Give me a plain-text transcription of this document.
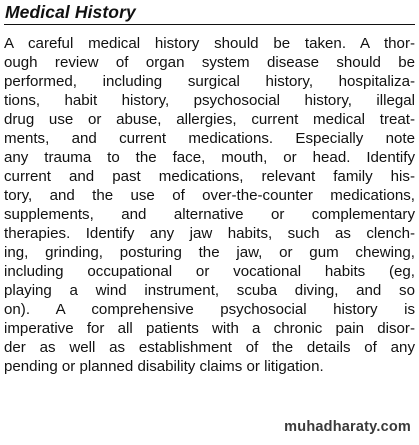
Medical History

A careful medical history should be taken. A thor-
ough review of organ system disease should be
performed, including surgical history, hospitaliza-
tions, habit history, psychosocial history, illegal
drug use or abuse, allergies, current medical treat-
ments, and current medications. Especially note
any trauma to the face, mouth, or head. Identify
current and past medications, relevant family his-
tory, and the use of over-the-counter medications,
supplements, and alternative or complementary
therapies. Identify any jaw habits, such as clench-
ing, grinding, posturing the jaw, or gum chewing,
including occupational or vocational habits (eg,
playing a wind instrument, scuba diving, and so
on). A comprehensive psychosocial history is
imperative for all patients with a chronic pain disor-
der as well as establishment of the details of any
pending or planned disability claims or litigation.

muhadharaty.com
